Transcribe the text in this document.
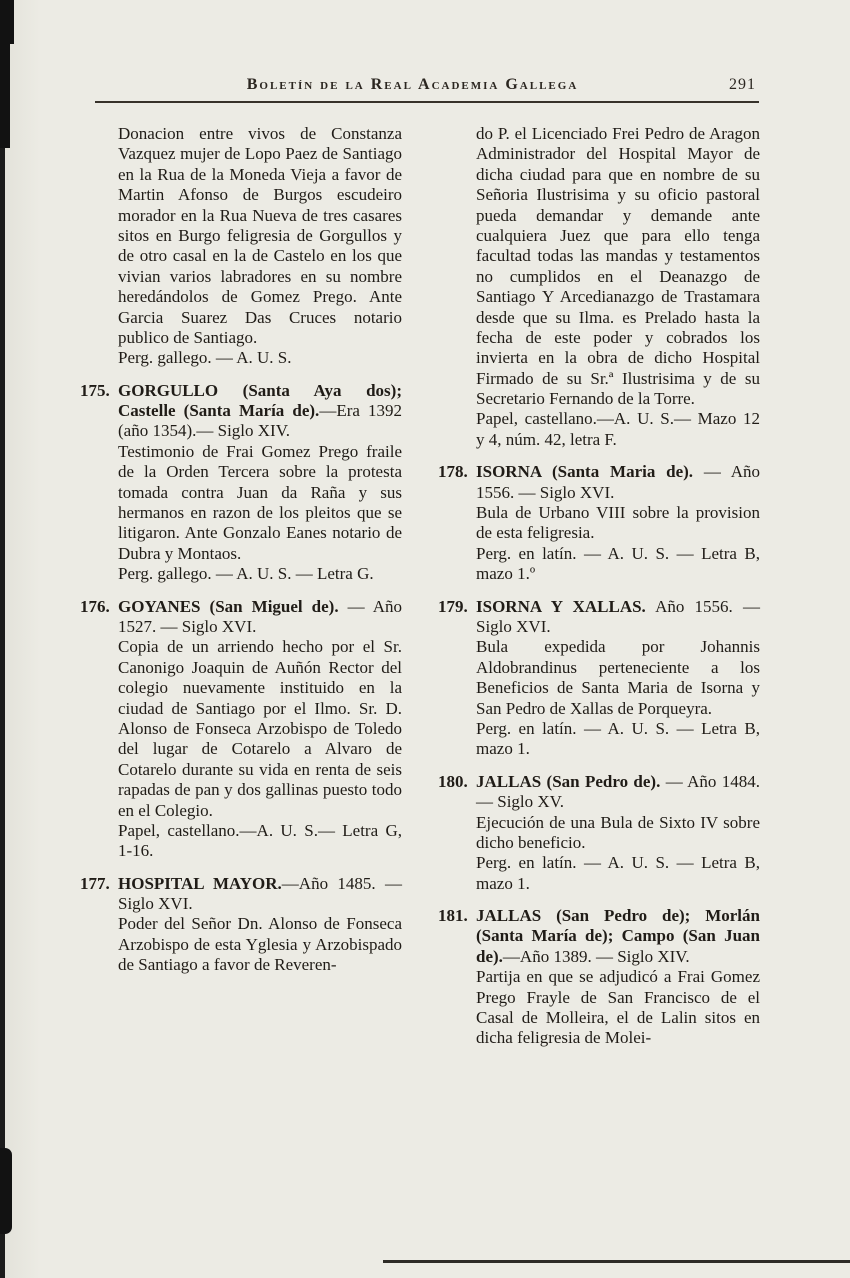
Boletín de la Real Academia Gallega	291

Donacion entre vivos de Constanza Vazquez mujer de Lopo Paez de Santiago en la Rua de la Moneda Vieja a favor de Martin Afonso de Burgos escudeiro morador en la Rua Nueva de tres casares sitos en Burgo feligresia de Gorgullos y de otro casal en la de Castelo en los que vivian varios labradores en su nombre heredándolos de Gomez Prego. Ante Garcia Suarez Das Cruces notario publico de Santiago.

Perg. gallego. — A. U. S.

175. GORGULLO (Santa Aya dos); Castelle (Santa María de).—Era 1392 (año 1354).— Siglo XIV.

Testimonio de Frai Gomez Prego fraile de la Orden Tercera sobre la protesta tomada contra Juan da Raña y sus hermanos en razon de los pleitos que se litigaron. Ante Gonzalo Eanes notario de Dubra y Montaos.

Perg. gallego. — A. U. S. — Letra G.

176. GOYANES (San Miguel de). — Año 1527. — Siglo XVI.

Copia de un arriendo hecho por el Sr. Canonigo Joaquin de Auñón Rector del colegio nuevamente instituido en la ciudad de Santiago por el Ilmo. Sr. D. Alonso de Fonseca Arzobispo de Toledo del lugar de Cotarelo a Alvaro de Cotarelo durante su vida en renta de seis rapadas de pan y dos gallinas puesto todo en el Colegio.

Papel, castellano.—A. U. S.— Letra G, 1-16.

177. HOSPITAL MAYOR.—Año 1485. — Siglo XVI.

Poder del Señor Dn. Alonso de Fonseca Arzobispo de esta Yglesia y Arzobispado de Santiago a favor de Reveren-

do P. el Licenciado Frei Pedro de Aragon Administrador del Hospital Mayor de dicha ciudad para que en nombre de su Señoria Ilustrisima y su oficio pastoral pueda demandar y demande ante cualquiera Juez que para ello tenga facultad todas las mandas y testamentos no cumplidos en el Deanazgo de Santiago Y Arcedianazgo de Trastamara desde que su Ilma. es Prelado hasta la fecha de este poder y cobrados los invierta en la obra de dicho Hospital Firmado de su Sr.ª Ilustrisima y de su Secretario Fernando de la Torre.

Papel, castellano.—A. U. S.— Mazo 12 y 4, núm. 42, letra F.

178. ISORNA (Santa Maria de). — Año 1556. — Siglo XVI.

Bula de Urbano VIII sobre la provision de esta feligresia.

Perg. en latín. — A. U. S. — Letra B, mazo 1.º

179. ISORNA Y XALLAS. Año 1556. — Siglo XVI.

Bula expedida por Johannis Aldobrandinus perteneciente a los Beneficios de Santa Maria de Isorna y San Pedro de Xallas de Porqueyra.

Perg. en latín. — A. U. S. — Letra B, mazo 1.

180. JALLAS (San Pedro de). — Año 1484. — Siglo XV.

Ejecución de una Bula de Sixto IV sobre dicho beneficio.

Perg. en latín. — A. U. S. — Letra B, mazo 1.

181. JALLAS (San Pedro de); Morlán (Santa María de); Campo (San Juan de).—Año 1389. — Siglo XIV.

Partija en que se adjudicó a Frai Gomez Prego Frayle de San Francisco de el Casal de Molleira, el de Lalin sitos en dicha feligresia de Molei-
